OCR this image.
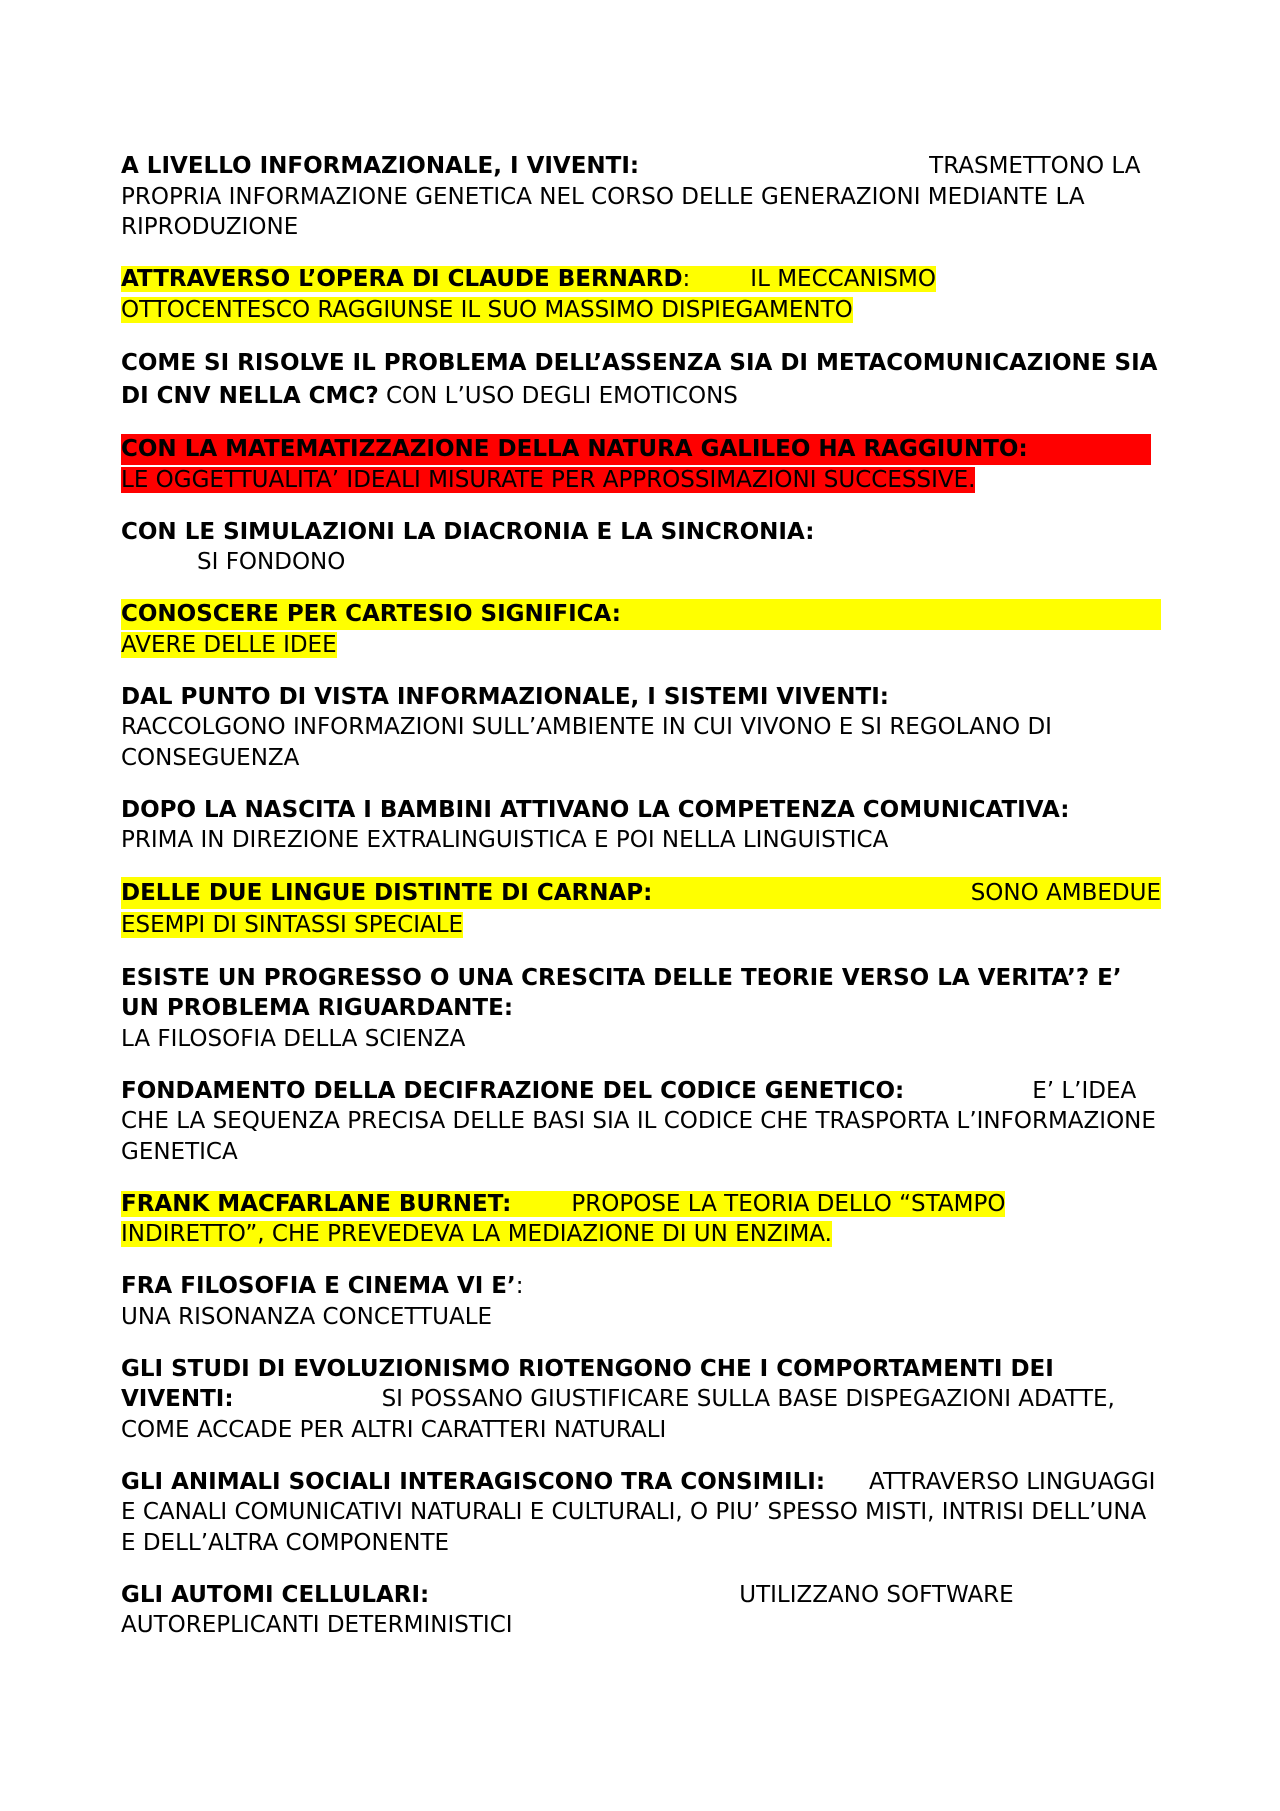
A LIVELLO INFORMAZIONALE, I VIVENTI:	TRASMETTONO LA PROPRIA INFORMAZIONE GENETICA NEL CORSO DELLE GENERAZIONI MEDIANTE LA RIPRODUZIONE
ATTRAVERSO L’OPERA DI CLAUDE BERNARD:	IL MECCANISMO OTTOCENTESCO RAGGIUNSE IL SUO MASSIMO DISPIEGAMENTO
COME SI RISOLVE IL PROBLEMA DELL’ASSENZA SIA DI METACOMUNICAZIONE SIA DI CNV NELLA CMC? CON L’USO DEGLI EMOTICONS
CON LA MATEMATIZZAZIONE DELLA NATURA GALILEO HA RAGGIUNTO:
LE OGGETTUALITA’ IDEALI MISURATE PER APPROSSIMAZIONI SUCCESSIVE.
CON LE SIMULAZIONI LA DIACRONIA E LA SINCRONIA:
SI FONDONO
CONOSCERE PER CARTESIO SIGNIFICA:
AVERE DELLE IDEE
DAL PUNTO DI VISTA INFORMAZIONALE, I SISTEMI VIVENTI:
RACCOLGONO INFORMAZIONI SULL’AMBIENTE IN CUI VIVONO E SI REGOLANO DI CONSEGUENZA
DOPO LA NASCITA I BAMBINI ATTIVANO LA COMPETENZA COMUNICATIVA:
PRIMA IN DIREZIONE EXTRALINGUISTICA E POI NELLA LINGUISTICA
DELLE DUE LINGUE DISTINTE DI CARNAP:	SONO AMBEDUE
ESEMPI DI SINTASSI SPECIALE
ESISTE UN PROGRESSO O UNA CRESCITA DELLE TEORIE VERSO LA VERITA’? E’ UN PROBLEMA RIGUARDANTE:
LA FILOSOFIA DELLA SCIENZA
FONDAMENTO DELLA DECIFRAZIONE DEL CODICE GENETICO:	E’ L’IDEA CHE LA SEQUENZA PRECISA DELLE BASI SIA IL CODICE CHE TRASPORTA L’INFORMAZIONE GENETICA
FRANK MACFARLANE BURNET:	PROPOSE LA TEORIA DELLO “STAMPO INDIRETTO”, CHE PREVEDEVA LA MEDIAZIONE DI UN ENZIMA.
FRA FILOSOFIA E CINEMA VI E’:
UNA RISONANZA CONCETTUALE
GLI STUDI DI EVOLUZIONISMO RIOTENGONO CHE I COMPORTAMENTI DEI VIVENTI:	SI POSSANO GIUSTIFICARE SULLA BASE DISPEGAZIONI ADATTE, COME ACCADE PER ALTRI CARATTERI NATURALI
GLI ANIMALI SOCIALI INTERAGISCONO TRA CONSIMILI: ATTRAVERSO LINGUAGGI E CANALI COMUNICATIVI NATURALI E CULTURALI, O PIU’ SPESSO MISTI, INTRISI DELL’UNA E DELL’ALTRA COMPONENTE
GLI AUTOMI CELLULARI:	UTILIZZANO SOFTWARE AUTOREPLICANTI DETERMINISTICI
